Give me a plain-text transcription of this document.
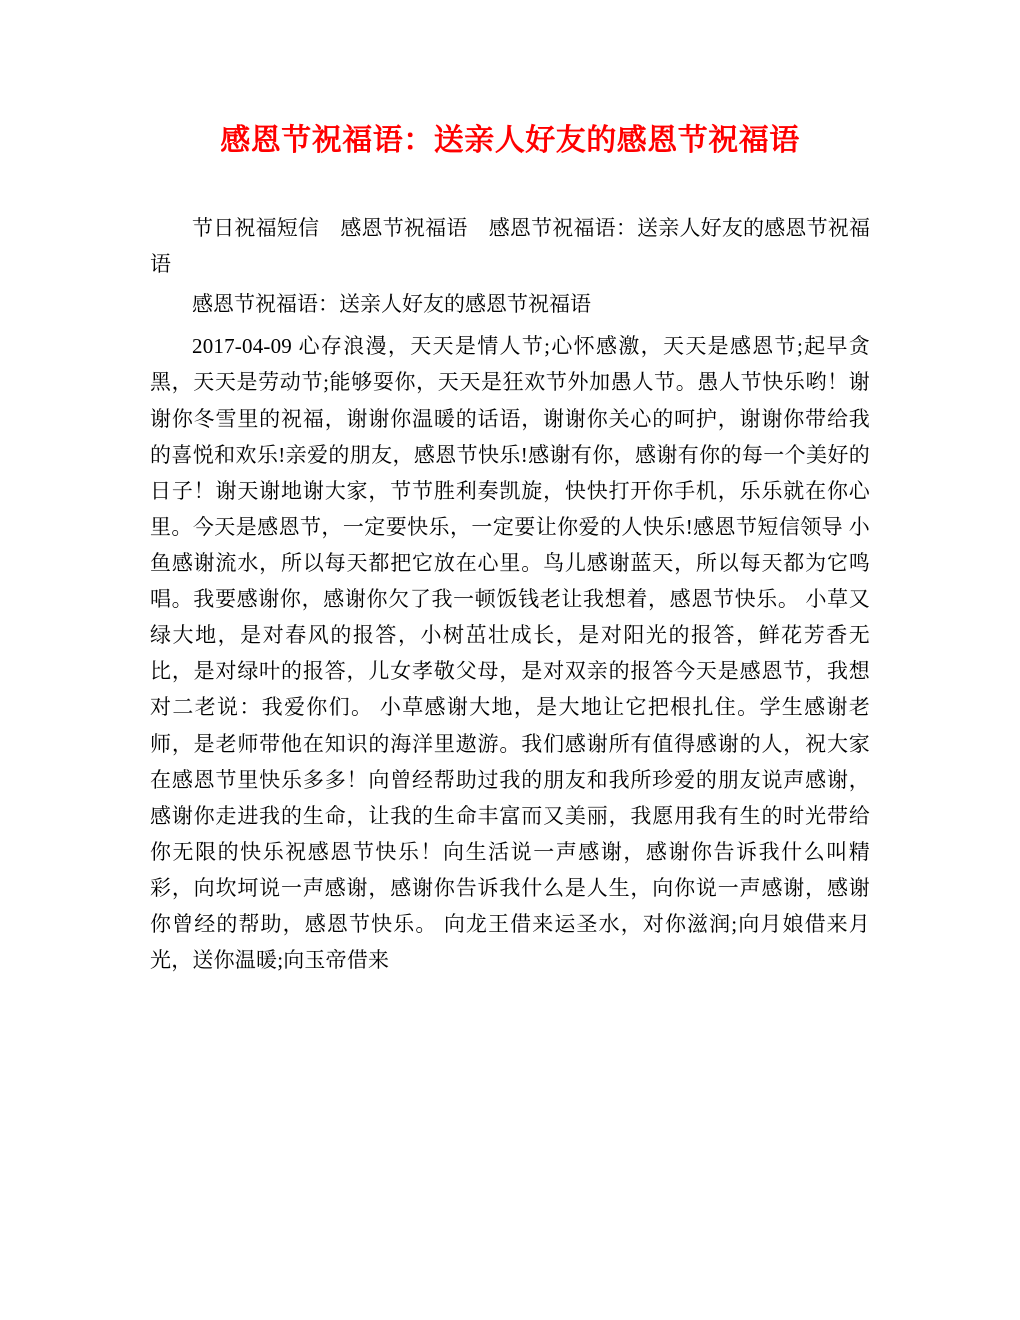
感恩节祝福语：送亲人好友的感恩节祝福语

节日祝福短信　感恩节祝福语　感恩节祝福语：送亲人好友的感恩节祝福语

感恩节祝福语：送亲人好友的感恩节祝福语

2017-04-09 心存浪漫，天天是情人节;心怀感激，天天是感恩节;起早贪黑，天天是劳动节;能够耍你，天天是狂欢节外加愚人节。愚人节快乐哟！谢谢你冬雪里的祝福，谢谢你温暖的话语，谢谢你关心的呵护，谢谢你带给我的喜悦和欢乐!亲爱的朋友，感恩节快乐!感谢有你，感谢有你的每一个美好的日子！谢天谢地谢大家，节节胜利奏凯旋，快快打开你手机，乐乐就在你心里。今天是感恩节，一定要快乐，一定要让你爱的人快乐!感恩节短信领导 小鱼感谢流水，所以每天都把它放在心里。鸟儿感谢蓝天，所以每天都为它鸣唱。我要感谢你，感谢你欠了我一顿饭钱老让我想着，感恩节快乐。 小草又绿大地，是对春风的报答，小树茁壮成长，是对阳光的报答，鲜花芳香无比，是对绿叶的报答，儿女孝敬父母，是对双亲的报答今天是感恩节，我想对二老说：我爱你们。 小草感谢大地，是大地让它把根扎住。学生感谢老师，是老师带他在知识的海洋里遨游。我们感谢所有值得感谢的人，祝大家在感恩节里快乐多多！向曾经帮助过我的朋友和我所珍爱的朋友说声感谢，感谢你走进我的生命，让我的生命丰富而又美丽，我愿用我有生的时光带给你无限的快乐祝感恩节快乐！向生活说一声感谢，感谢你告诉我什么叫精彩，向坎坷说一声感谢，感谢你告诉我什么是人生，向你说一声感谢，感谢你曾经的帮助，感恩节快乐。 向龙王借来运圣水，对你滋润;向月娘借来月光，送你温暖;向玉帝借来
